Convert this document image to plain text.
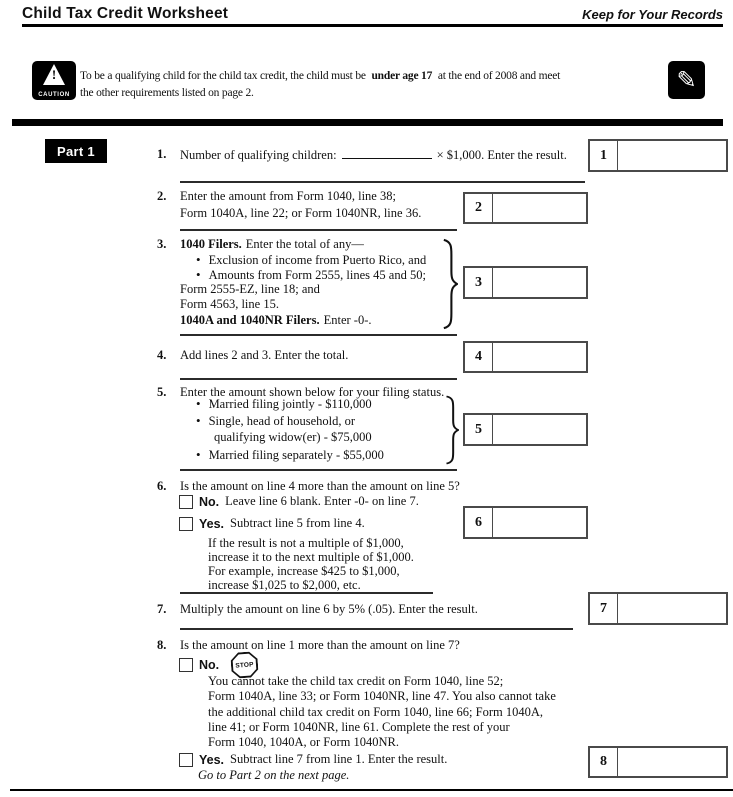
Child Tax Credit Worksheet	Keep for Your Records
!
CAUTION
To be a qualifying child for the child tax credit, the child must be under age 17 at the end of 2008 and meet
the other requirements listed on page 2.	✎
Part 1	1. Number of qualifying children:	× $1,000. Enter the result.	1
2. Enter the amount from Form 1040, line 38;
Form 1040A, line 22; or Form 1040NR, line 36.	2
3. 1040 Filers. Enter the total of any—
• Exclusion of income from Puerto Rico, and
• Amounts from Form 2555, lines 45 and 50;
Form 2555-EZ, line 18; and
Form 4563, line 15.
1040A and 1040NR Filers. Enter -0-.
3
4. Add lines 2 and 3. Enter the total.	4
5. Enter the amount shown below for your filing status.
• Married filing jointly - $110,000
• Single, head of household, or
qualifying widow(er) - $75,000
• Married filing separately - $55,000
5
6. Is the amount on line 4 more than the amount on line 5?
No. Leave line 6 blank. Enter -0- on line 7.
Yes. Subtract line 5 from line 4.
If the result is not a multiple of $1,000,
increase it to the next multiple of $1,000.
For example, increase $425 to $1,000,
increase $1,025 to $2,000, etc.
6
7. Multiply the amount on line 6 by 5% (.05). Enter the result.	7
8. Is the amount on line 1 more than the amount on line 7?
No.	STOP
You cannot take the child tax credit on Form 1040, line 52;
Form 1040A, line 33; or Form 1040NR, line 47. You also cannot take
the additional child tax credit on Form 1040, line 66; Form 1040A,
line 41; or Form 1040NR, line 61. Complete the rest of your
Form 1040, 1040A, or Form 1040NR.
Yes. Subtract line 7 from line 1. Enter the result.
Go to Part 2 on the next page.
8
